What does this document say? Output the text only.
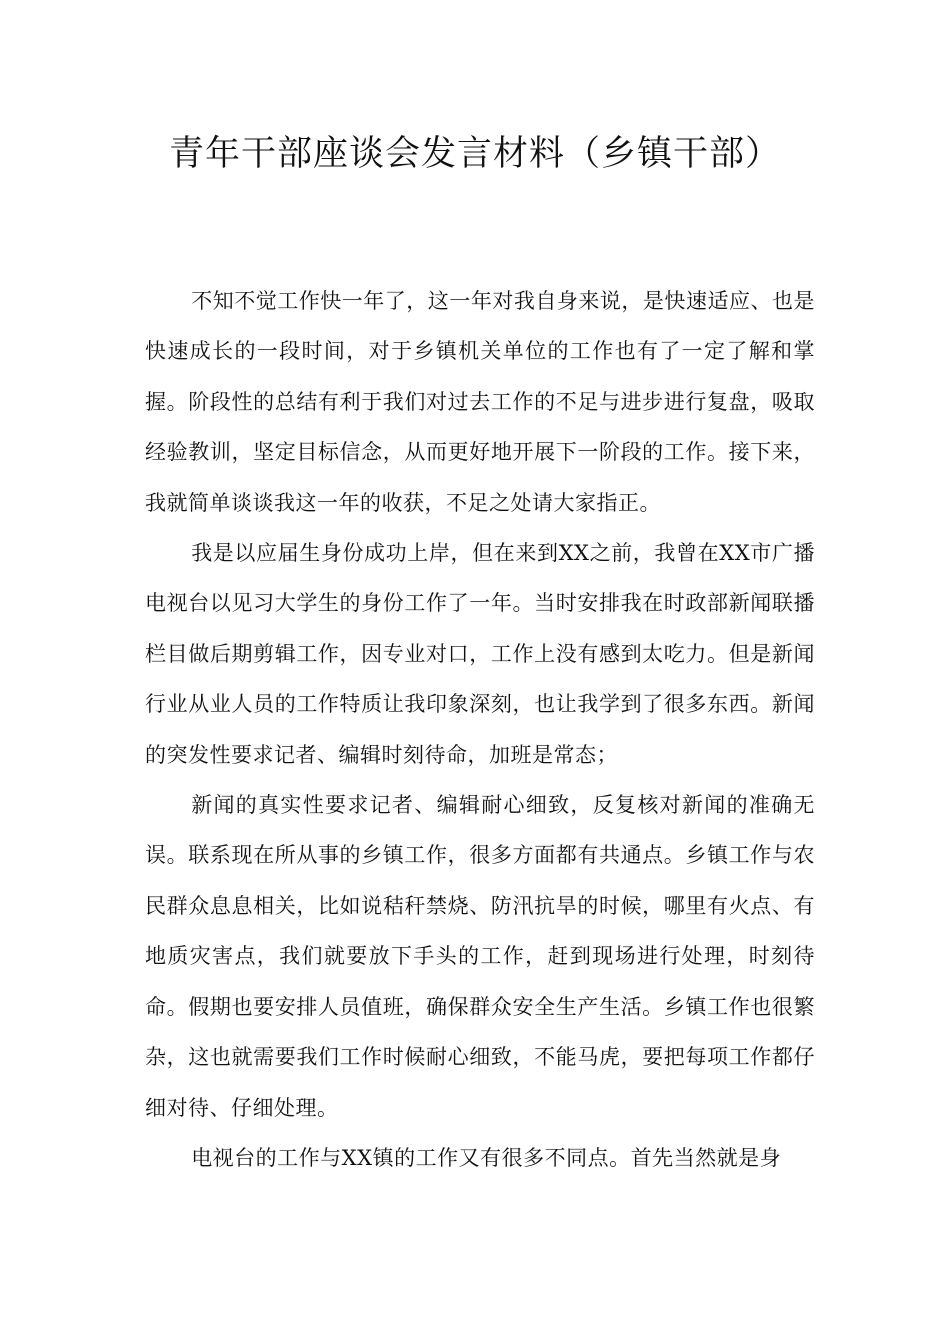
青年干部座谈会发言材料（乡镇干部）

不知不觉工作快一年了，这一年对我自身来说，是快速适应、也是快速成长的一段时间，对于乡镇机关单位的工作也有了一定了解和掌握。阶段性的总结有利于我们对过去工作的不足与进步进行复盘，吸取经验教训，坚定目标信念，从而更好地开展下一阶段的工作。接下来，我就简单谈谈我这一年的收获，不足之处请大家指正。

我是以应届生身份成功上岸，但在来到XX之前，我曾在XX市广播电视台以见习大学生的身份工作了一年。当时安排我在时政部新闻联播栏目做后期剪辑工作，因专业对口，工作上没有感到太吃力。但是新闻行业从业人员的工作特质让我印象深刻，也让我学到了很多东西。新闻的突发性要求记者、编辑时刻待命，加班是常态；

新闻的真实性要求记者、编辑耐心细致，反复核对新闻的准确无误。联系现在所从事的乡镇工作，很多方面都有共通点。乡镇工作与农民群众息息相关，比如说秸秆禁烧、防汛抗旱的时候，哪里有火点、有地质灾害点，我们就要放下手头的工作，赶到现场进行处理，时刻待命。假期也要安排人员值班，确保群众安全生产生活。乡镇工作也很繁杂，这也就需要我们工作时候耐心细致，不能马虎，要把每项工作都仔细对待、仔细处理。

电视台的工作与XX镇的工作又有很多不同点。首先当然就是身
